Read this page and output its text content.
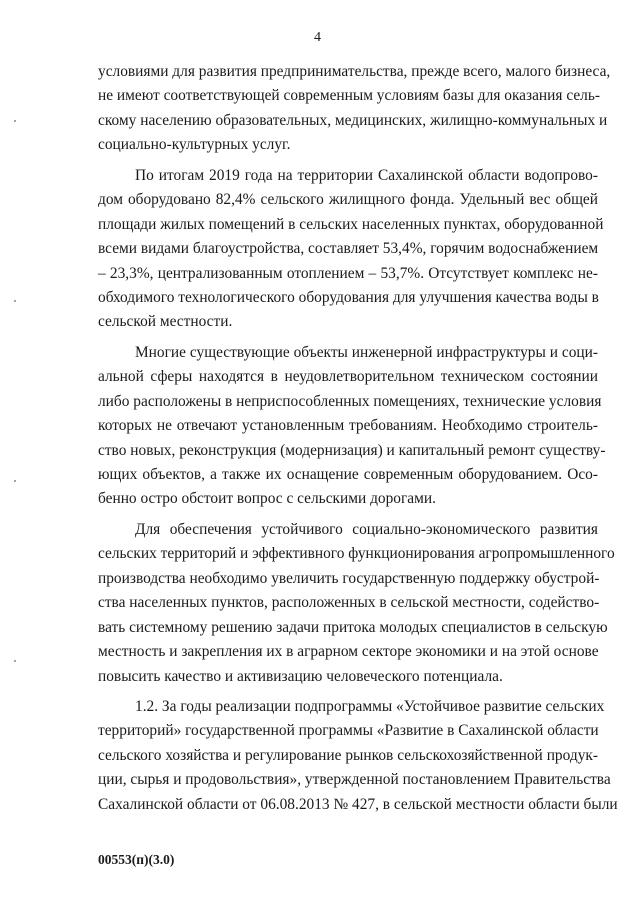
4
условиями для развития предпринимательства, прежде всего, малого бизнеса,
не имеют соответствующей современным условиям базы для оказания сель-
скому населению образовательных, медицинских, жилищно-коммунальных и
социально-культурных услуг.
По итогам 2019 года на территории Сахалинской области водопрово-
дом оборудовано 82,4% сельского жилищного фонда. Удельный вес общей
площади жилых помещений в сельских населенных пунктах, оборудованной
всеми видами благоустройства, составляет 53,4%, горячим водоснабжением
– 23,3%, централизованным отоплением – 53,7%. Отсутствует комплекс не-
обходимого технологического оборудования для улучшения качества воды в
сельской местности.
Многие существующие объекты инженерной инфраструктуры и соци-
альной сферы находятся в неудовлетворительном техническом состоянии
либо расположены в неприспособленных помещениях, технические условия
которых не отвечают установленным требованиям. Необходимо строитель-
ство новых, реконструкция (модернизация) и капитальный ремонт существу-
ющих объектов, а также их оснащение современным оборудованием. Осо-
бенно остро обстоит вопрос с сельскими дорогами.
Для обеспечения устойчивого социально-экономического развития
сельских территорий и эффективного функционирования агропромышленного
производства необходимо увеличить государственную поддержку обустрой-
ства населенных пунктов, расположенных в сельской местности, содейство-
вать системному решению задачи притока молодых специалистов в сельскую
местность и закрепления их в аграрном секторе экономики и на этой основе
повысить качество и активизацию человеческого потенциала.
1.2. За годы реализации подпрограммы «Устойчивое развитие сельских
территорий» государственной программы «Развитие в Сахалинской области
сельского хозяйства и регулирование рынков сельскохозяйственной продук-
ции, сырья и продовольствия», утвержденной постановлением Правительства
Сахалинской области от 06.08.2013 № 427, в сельской местности области были
00553(п)(3.0)
